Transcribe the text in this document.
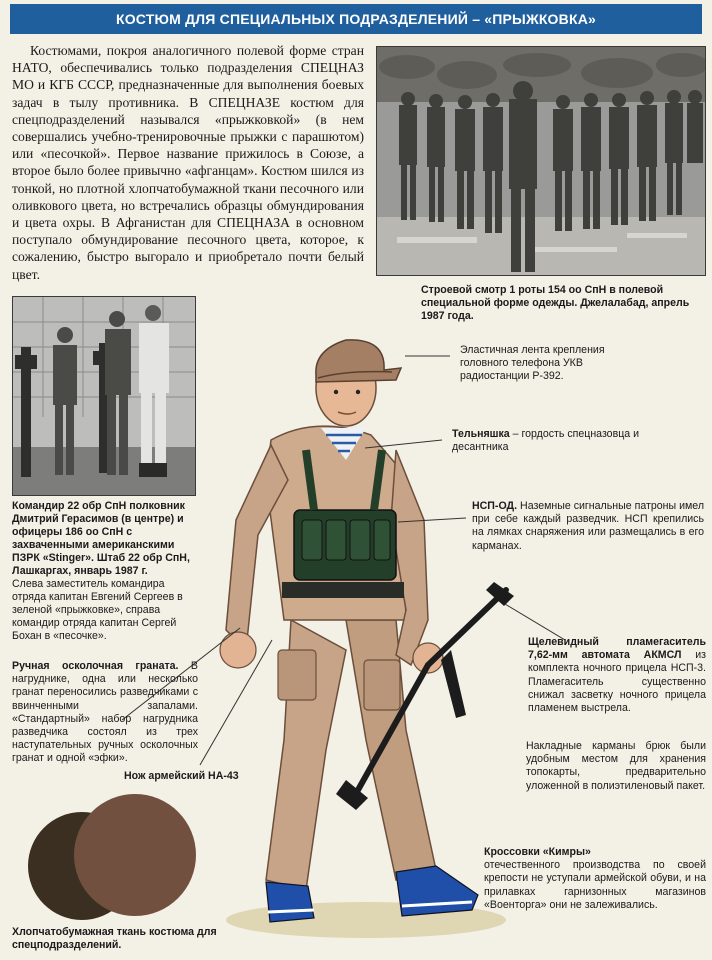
КОСТЮМ ДЛЯ СПЕЦИАЛЬНЫХ ПОДРАЗДЕЛЕНИЙ – «ПРЫЖКОВКА»

Костюмами, покроя аналогичного полевой форме стран НАТО, обеспечивались только подразделения СПЕЦНАЗ МО и КГБ СССР, предназначенные для выполнения боевых задач в тылу противника. В СПЕЦНАЗЕ костюм для спецподразделений назывался «прыжковкой» (в нем совершались учебно-тренировочные прыжки с парашютом) или «песочкой». Первое название прижилось в Союзе, а второе было более привычно «афганцам». Костюм шился из тонкой, но плотной хлопчатобумажной ткани песочного или оливкового цвета, но встречались образцы обмундирования и цвета охры. В Афганистан для СПЕЦНАЗА в основном поступало обмундирование песочного цвета, которое, к сожалению, быстро выгорало и приобретало почти белый цвет.

Строевой смотр 1 роты 154 оо СпН в полевой специальной форме одежды. Джелалабад, апрель 1987 года.

Командир 22 обр СпН полковник Дмитрий Герасимов (в центре) и офицеры 186 оо СпН с захваченными американскими ПЗРК «Stinger». Штаб 22 обр СпН, Лашкаргах, январь 1987 г.

Слева заместитель командира отряда капитан Евгений Сергеев в зеленой «прыжковке», справа командир отряда капитан Сергей Бохан в «песочке».

Эластичная лента крепления головного телефона УКВ радиостанции Р-392.

Тельняшка – гордость спецназовца и десантника

НСП-ОД. Наземные сигнальные патроны имел при себе каждый разведчик. НСП крепились на лямках снаряжения или размещались в его карманах.

Ручная осколочная граната. В нагруднике, одна или несколько гранат переносились разведчиками с ввинченными запалами. «Стандартный» набор нагрудника разведчика состоял из трех наступательных ручных осколочных гранат и одной «эфки».

Щелевидный пламегаситель 7,62-мм автомата АКМСЛ из комплекта ночного прицела НСП-3. Пламегаситель существенно снижал засветку ночного прицела пламенем выстрела.

Нож армейский НА-43

Накладные карманы брюк были удобным местом для хранения топокарты, предварительно уложенной в полиэтиленовый пакет.

Кроссовки «Кимры»

отечественного производства по своей крепости не уступали армейской обуви, и на прилавках гарнизонных магазинов «Военторга» они не залеживались.

Хлопчатобумажная ткань костюма для спецподразделений.
